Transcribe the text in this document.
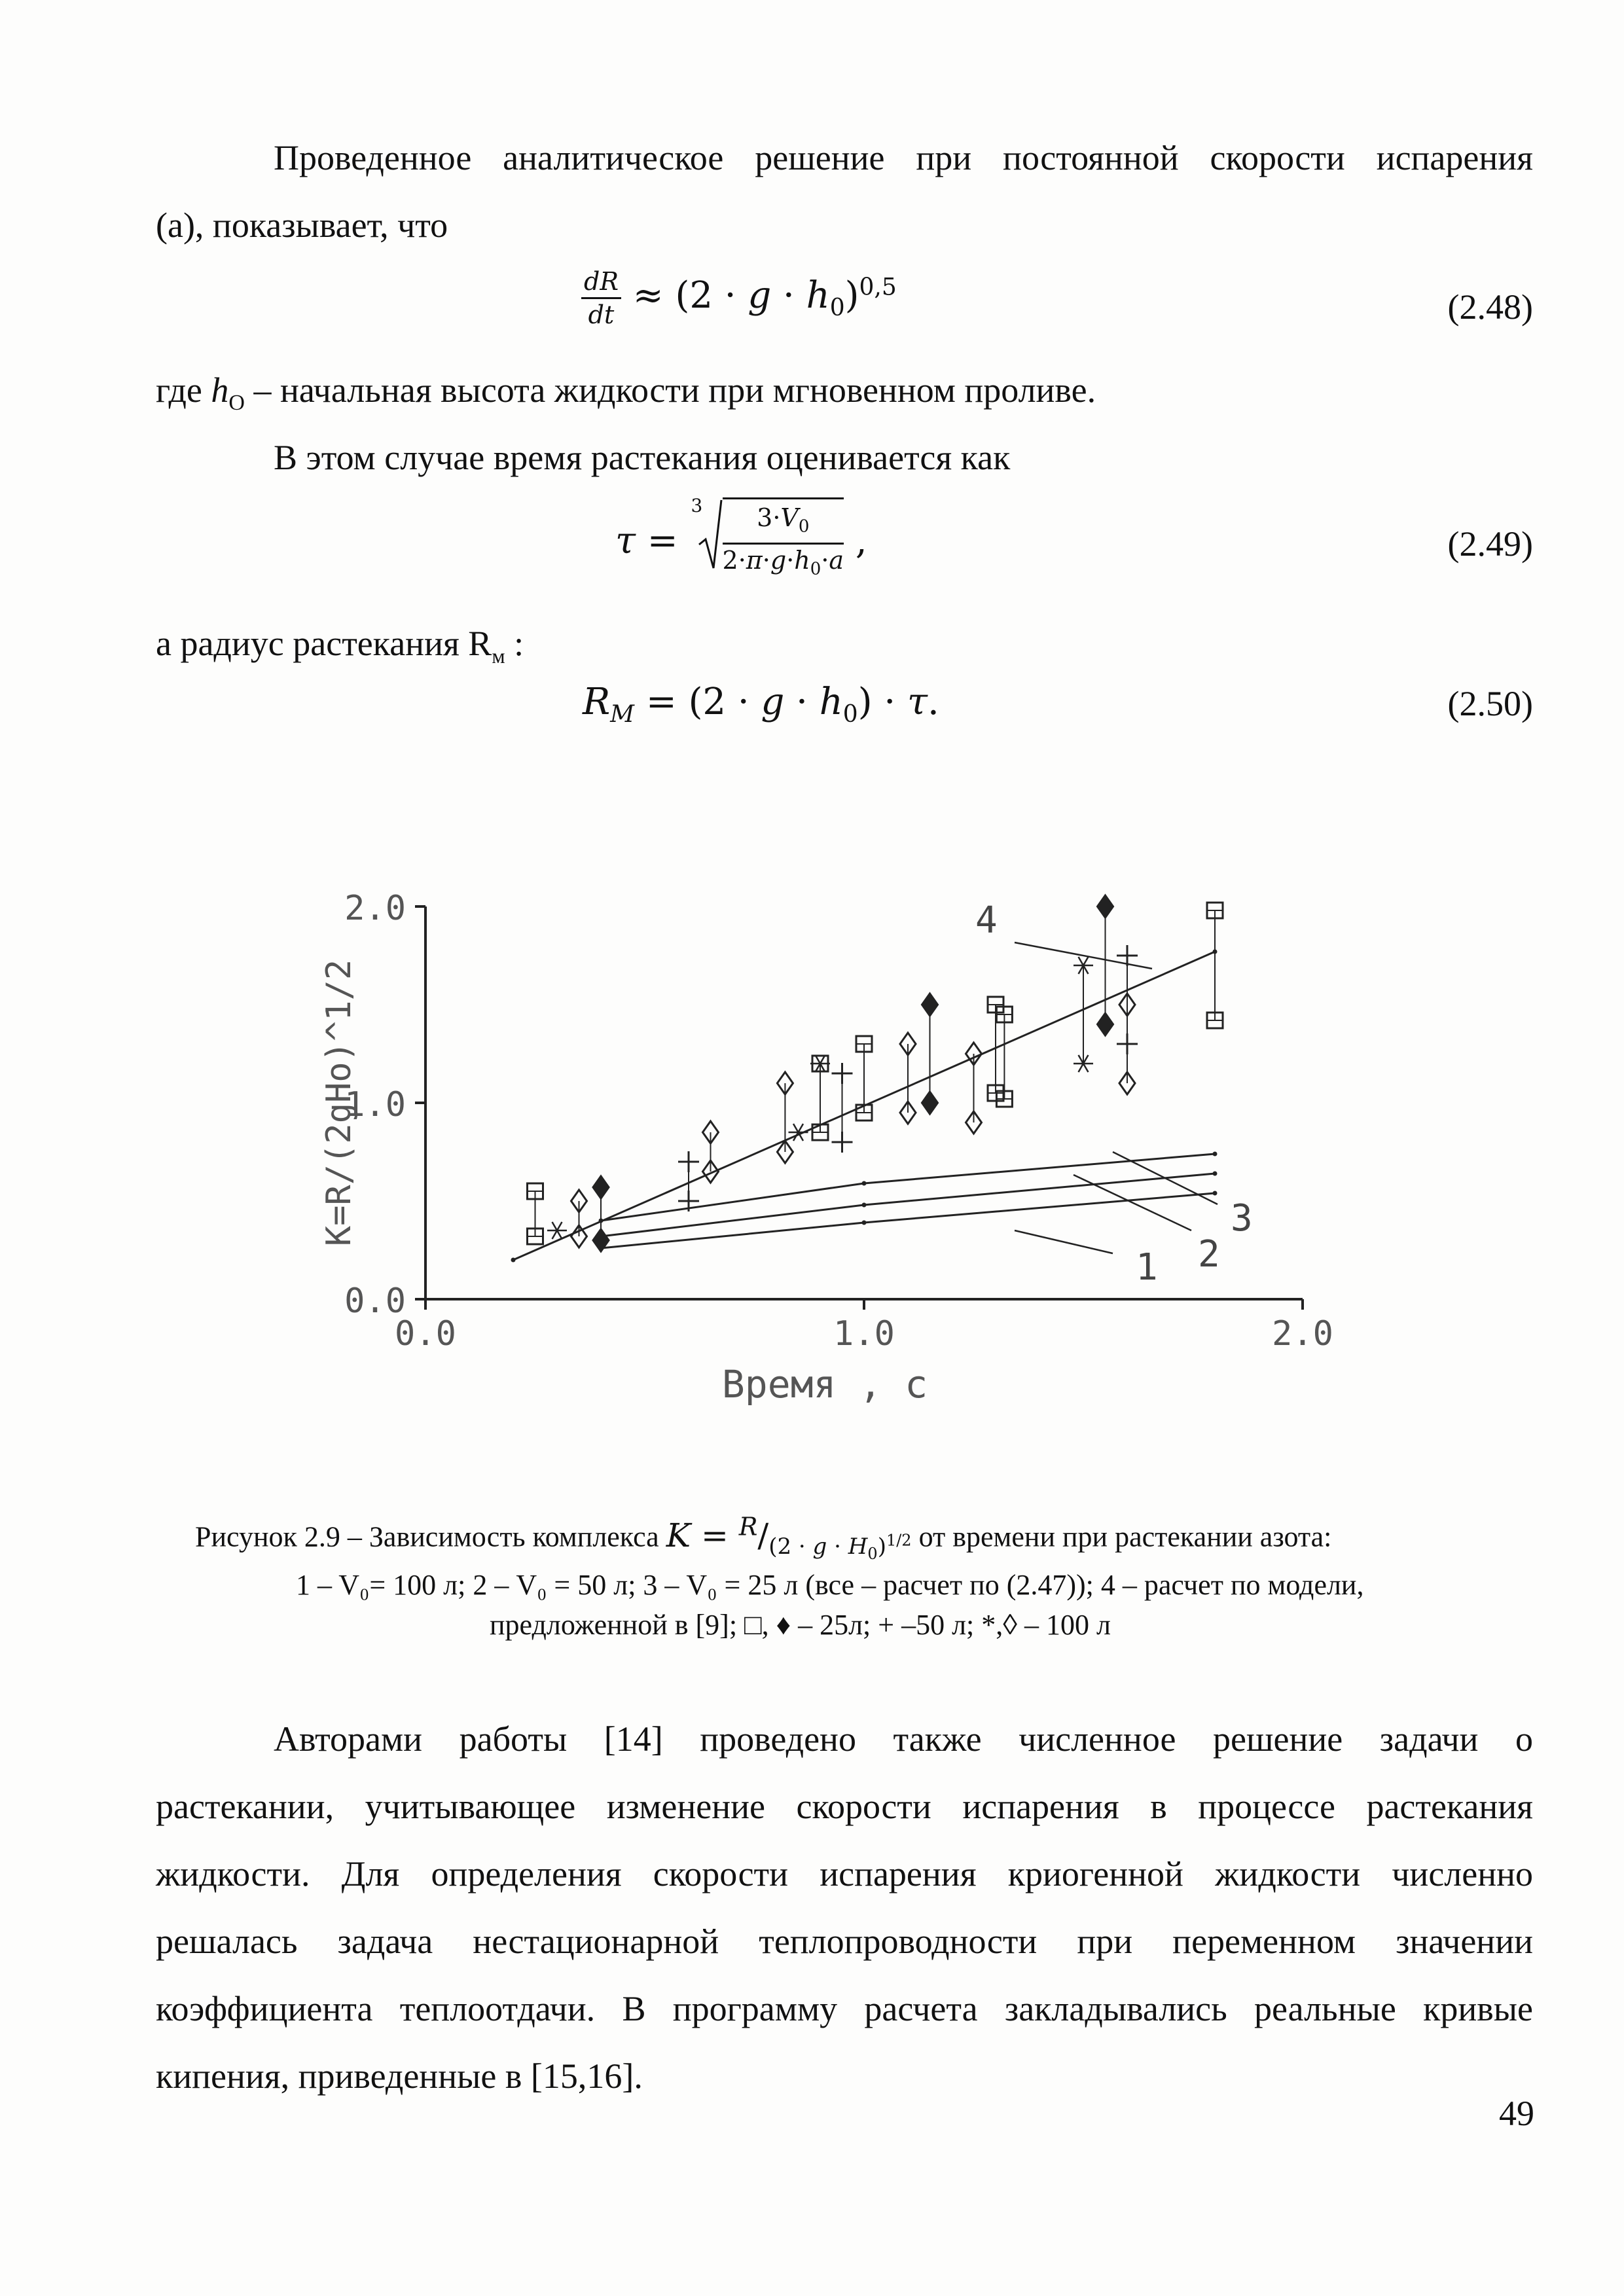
Проведенное аналитическое решение при постоянной скорости испарения

(а), показывает, что

$\frac{dR}{dt} \approx (2 \cdot g \cdot h_0)^{0,5}$
(2.48)

где $h_O$ – начальная высота жидкости при мгновенном проливе.

В этом случае время растекания оценивается как

τ =
$3 \frac{3\cdot V_0}{2\cdot\pi\cdot g\cdot h_0\cdot a}$ ,	(2.49)

а радиус растекания $R_м$ :

$R_M = (2 \cdot g \cdot h_0) \cdot \tau$.	(2.50)
0.0
1.0
2.0
0.0	1.0	2.0
Время , с
K=R/(2gHo)^1/2
1 2
3
4
Рисунок 2.9 – Зависимость комплекса $K = ^R/_{(2 \cdot g \cdot H_0)^{1/2}}$ от времени при растекании азота:
1 – V₀= 100 л; 2 – V₀ = 50 л; 3 – V₀ = 25 л (все – расчет по (2.47)); 4 – расчет по модели,
предложенной в [9]; □, ♦ – 25л; + –50 л; *,◊ – 100 л

Авторами работы [14] проведено также численное решение задачи о

растекании, учитывающее изменение скорости испарения в процессе растекания

жидкости. Для определения скорости испарения криогенной жидкости численно

решалась задача нестационарной теплопроводности при переменном значении

коэффициента теплоотдачи. В программу расчета закладывались реальные кривые

кипения, приведенные в [15,16].

49
